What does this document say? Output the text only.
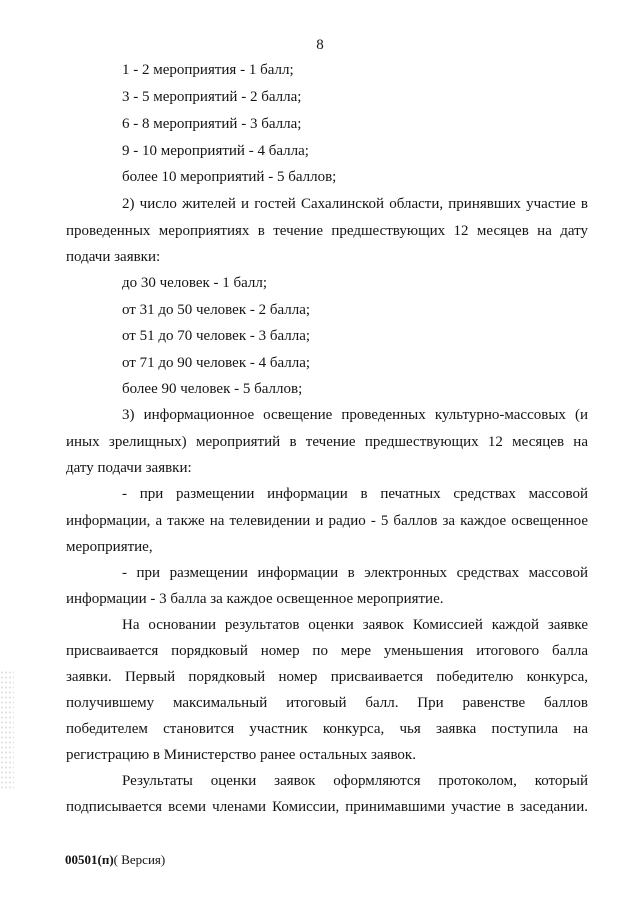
8
1 - 2 мероприятия - 1 балл;
3 - 5 мероприятий - 2 балла;
6 - 8 мероприятий - 3 балла;
9 - 10 мероприятий - 4 балла;
более 10 мероприятий - 5 баллов;
2) число жителей и гостей Сахалинской области, принявших участие в
проведенных мероприятиях в течение предшествующих 12 месяцев на дату
подачи заявки:
до 30 человек - 1 балл;
от 31 до 50 человек - 2 балла;
от 51 до 70 человек - 3 балла;
от 71 до 90 человек - 4 балла;
более 90 человек - 5 баллов;
3) информационное освещение проведенных культурно-массовых (и
иных зрелищных) мероприятий в течение предшествующих 12 месяцев на
дату подачи заявки:
- при размещении информации в печатных средствах массовой
информации, а также на телевидении и радио - 5 баллов за каждое освещенное
мероприятие,
- при размещении информации в электронных средствах массовой
информации - 3 балла за каждое освещенное мероприятие.
На основании результатов оценки заявок Комиссией каждой заявке
присваивается порядковый номер по мере уменьшения итогового балла
заявки. Первый порядковый номер присваивается победителю конкурса,
получившему максимальный итоговый балл. При равенстве баллов
победителем становится участник конкурса, чья заявка поступила на
регистрацию в Министерство ранее остальных заявок.
Результаты оценки заявок оформляются протоколом, который
подписывается всеми членами Комиссии, принимавшими участие в заседании.
00501(п)( Версия)
